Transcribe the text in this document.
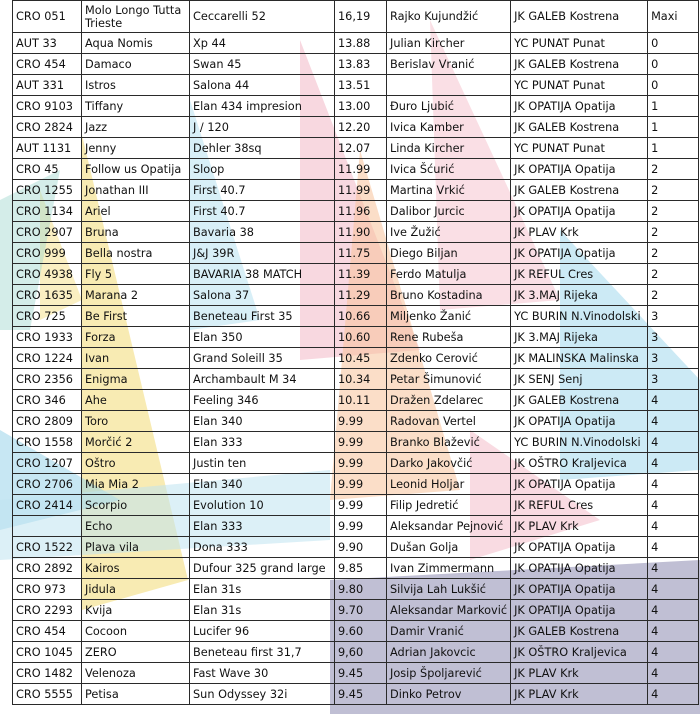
CRO 051	Molo Longo Tutta Trieste	Ceccarelli 52	16,19	Rajko Kujundžić	JK GALEB Kostrena	Maxi
AUT 33	Aqua Nomis	Xp 44	13.88	Julian Kircher	YC PUNAT Punat	0
CRO 454	Damaco	Swan 45	13.83	Berislav Vranić	JK GALEB Kostrena	0
AUT 331	Istros	Salona 44	13.51		YC PUNAT Punat	0
CRO 9103	Tiffany	Elan 434 impresion	13.00	Đuro Ljubić	JK OPATIJA Opatija	1
CRO 2824	Jazz	J / 120	12.20	Ivica Kamber	JK GALEB Kostrena	1
AUT 1131	Jenny	Dehler 38sq	12.07	Linda Kircher	YC PUNAT Punat	1
CRO 45	Follow us Opatija	Sloop	11.99	Ivica Šćurić	JK OPATIJA Opatija	2
CRO 1255	Jonathan III	First 40.7	11.99	Martina Vrkić	JK GALEB Kostrena	2
CRO 1134	Ariel	First 40.7	11.96	Dalibor Jurcic	JK OPATIJA Opatija	2
CRO 2907	Bruna	Bavaria 38	11.90	Ive Žužić	JK PLAV Krk	2
CRO 999	Bella nostra	J&J 39R	11.75	Diego Biljan	JK OPATIJA Opatija	2
CRO 4938	Fly 5	BAVARIA 38 MATCH	11.39	Ferdo Matulja	JK REFUL Cres	2
CRO 1635	Marana 2	Salona 37	11.29	Bruno Kostadina	JK 3.MAJ Rijeka	2
CRO 725	Be First	Beneteau First 35	10.66	Miljenko Žanić	YC BURIN N.Vinodolski	3
CRO 1933	Forza	Elan 350	10.60	Rene Rubeša	JK 3.MAJ Rijeka	3
CRO 1224	Ivan	Grand Soleill 35	10.45	Zdenko Cerović	JK MALINSKA Malinska	3
CRO 2356	Enigma	Archambault M 34	10.34	Petar Šimunović	JK SENJ Senj	3
CRO 346	Ahe	Feeling 346	10.11	Dražen Zdelarec	JK GALEB Kostrena	4
CRO 2809	Toro	Elan 340	9.99	Radovan Vertel	JK OPATIJA Opatija	4
CRO 1558	Morčić 2	Elan 333	9.99	Branko Blažević	YC BURIN N.Vinodolski	4
CRO 1207	Oštro	Justin ten	9.99	Darko Jakovčić	JK OŠTRO Kraljevica	4
CRO 2706	Mia Mia 2	Elan 340	9.99	Leonid Holjar	JK OPATIJA Opatija	4
CRO 2414	Scorpio	Evolution 10	9.99	Filip Jedretić	JK REFUL Cres	4
	Echo	Elan 333	9.99	Aleksandar Pejnović	JK PLAV Krk	4
CRO 1522	Plava vila	Dona 333	9.90	Dušan Golja	JK OPATIJA Opatija	4
CRO 2892	Kairos	Dufour 325 grand large	9.85	Ivan Zimmermann	JK OPATIJA Opatija	4
CRO 973	Jidula	Elan 31s	9.80	Silvija Lah Lukšić	JK OPATIJA Opatija	4
CRO 2293	Kvija	Elan 31s	9.70	Aleksandar Marković	JK OPATIJA Opatija	4
CRO 454	Cocoon	Lucifer 96	9.60	Damir Vranić	JK GALEB Kostrena	4
CRO 1045	ZERO	Beneteau first 31,7	9,60	Adrian Jakovcic	JK OŠTRO Kraljevica	4
CRO 1482	Velenoza	Fast Wave 30	9.45	Josip Špoljarević	JK PLAV Krk	4
CRO 5555	Petisa	Sun Odyssey 32i	9.45	Dinko Petrov	JK PLAV Krk	4
